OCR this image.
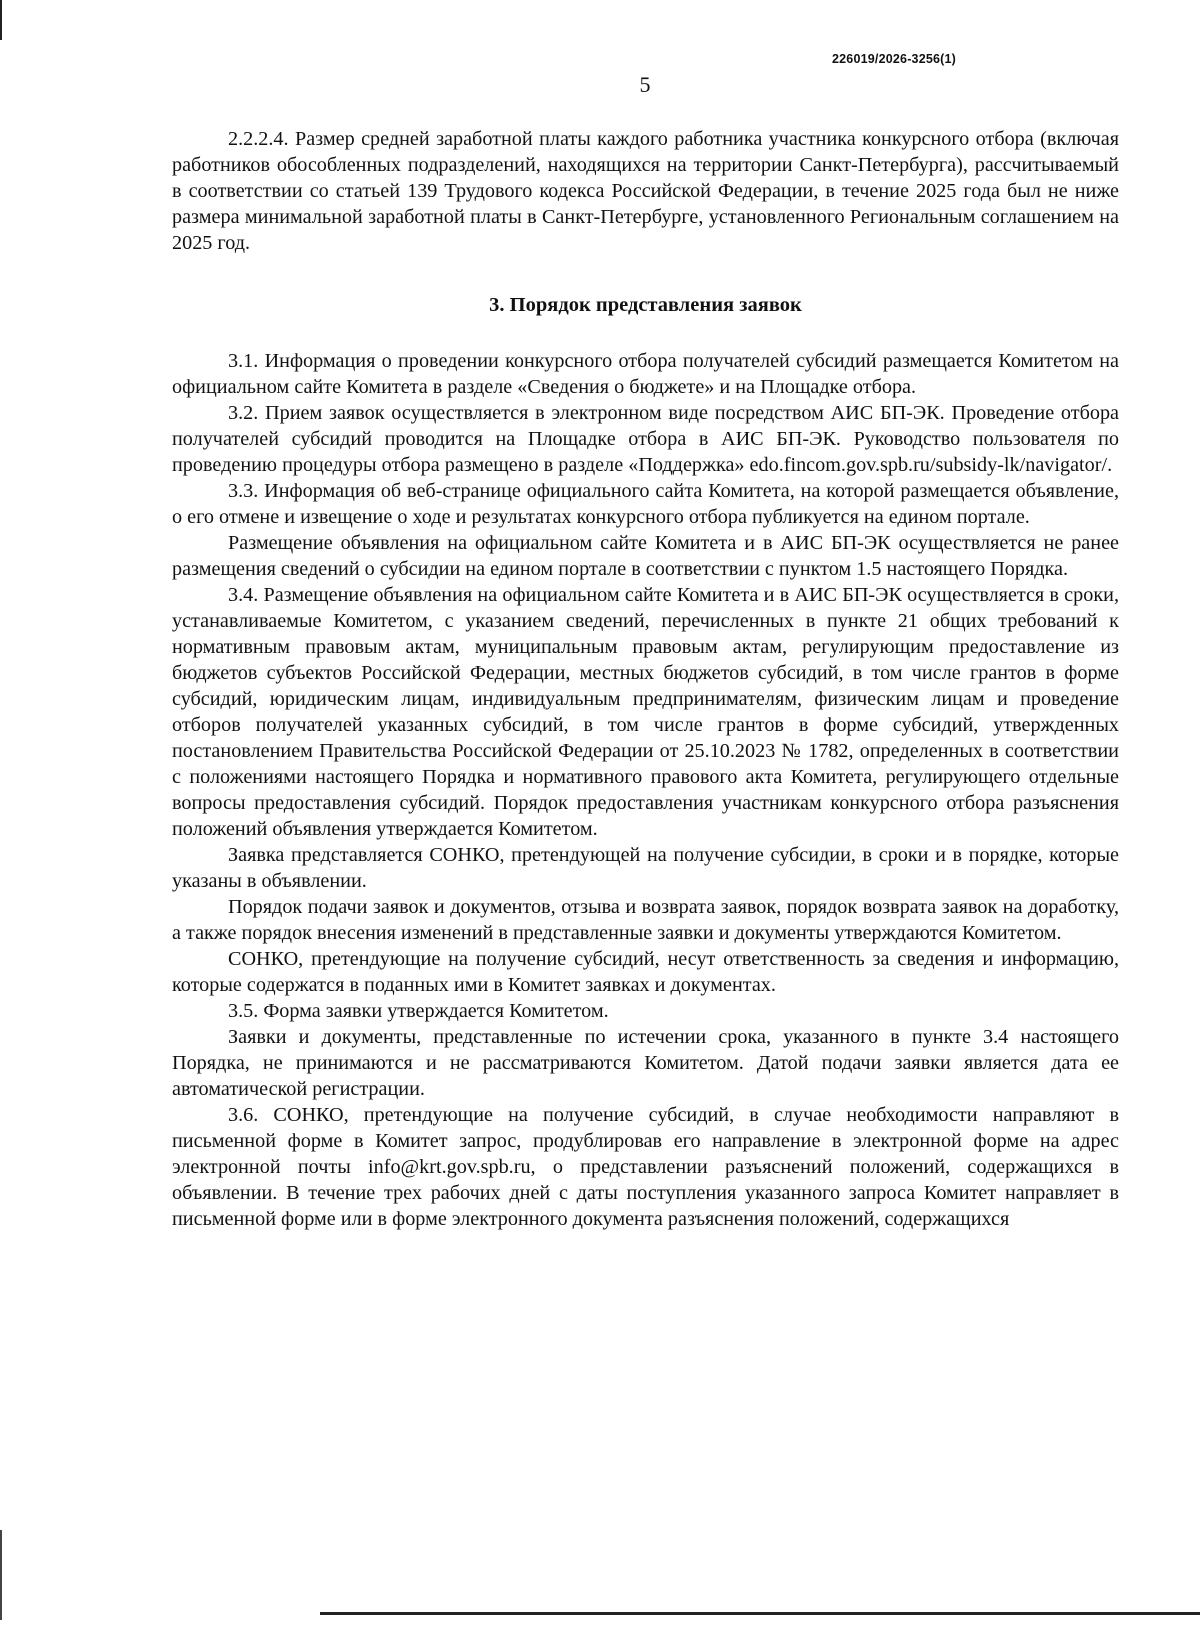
226019/2026-3256(1)
5

2.2.2.4. Размер средней заработной платы каждого работника участника конкурсного отбора (включая работников обособленных подразделений, находящихся на территории Санкт-Петербурга), рассчитываемый в соответствии со статьей 139 Трудового кодекса Российской Федерации, в течение 2025 года был не ниже размера минимальной заработной платы в Санкт-Петербурге, установленного Региональным соглашением на 2025 год.

3. Порядок представления заявок

3.1. Информация о проведении конкурсного отбора получателей субсидий размещается Комитетом на официальном сайте Комитета в разделе «Сведения о бюджете» и на Площадке отбора.

3.2. Прием заявок осуществляется в электронном виде посредством АИС БП-ЭК. Проведение отбора получателей субсидий проводится на Площадке отбора в АИС БП-ЭК. Руководство пользователя по проведению процедуры отбора размещено в разделе «Поддержка» edo.fincom.gov.spb.ru/subsidy-lk/navigator/.

3.3. Информация об веб-странице официального сайта Комитета, на которой размещается объявление, о его отмене и извещение о ходе и результатах конкурсного отбора публикуется на едином портале.

Размещение объявления на официальном сайте Комитета и в АИС БП-ЭК осуществляется не ранее размещения сведений о субсидии на едином портале в соответствии с пунктом 1.5 настоящего Порядка.

3.4. Размещение объявления на официальном сайте Комитета и в АИС БП-ЭК осуществляется в сроки, устанавливаемые Комитетом, с указанием сведений, перечисленных в пункте 21 общих требований к нормативным правовым актам, муниципальным правовым актам, регулирующим предоставление из бюджетов субъектов Российской Федерации, местных бюджетов субсидий, в том числе грантов в форме субсидий, юридическим лицам, индивидуальным предпринимателям, физическим лицам и проведение отборов получателей указанных субсидий, в том числе грантов в форме субсидий, утвержденных постановлением Правительства Российской Федерации от 25.10.2023 № 1782, определенных в соответствии с положениями настоящего Порядка и нормативного правового акта Комитета, регулирующего отдельные вопросы предоставления субсидий. Порядок предоставления участникам конкурсного отбора разъяснения положений объявления утверждается Комитетом.

Заявка представляется СОНКО, претендующей на получение субсидии, в сроки и в порядке, которые указаны в объявлении.

Порядок подачи заявок и документов, отзыва и возврата заявок, порядок возврата заявок на доработку, а также порядок внесения изменений в представленные заявки и документы утверждаются Комитетом.

СОНКО, претендующие на получение субсидий, несут ответственность за сведения и информацию, которые содержатся в поданных ими в Комитет заявках и документах.

3.5. Форма заявки утверждается Комитетом.

Заявки и документы, представленные по истечении срока, указанного в пункте 3.4 настоящего Порядка, не принимаются и не рассматриваются Комитетом. Датой подачи заявки является дата ее автоматической регистрации.

3.6. СОНКО, претендующие на получение субсидий, в случае необходимости направляют в письменной форме в Комитет запрос, продублировав его направление в электронной форме на адрес электронной почты info@krt.gov.spb.ru, о представлении разъяснений положений, содержащихся в объявлении. В течение трех рабочих дней с даты поступления указанного запроса Комитет направляет в письменной форме или в форме электронного документа разъяснения положений, содержащихся
